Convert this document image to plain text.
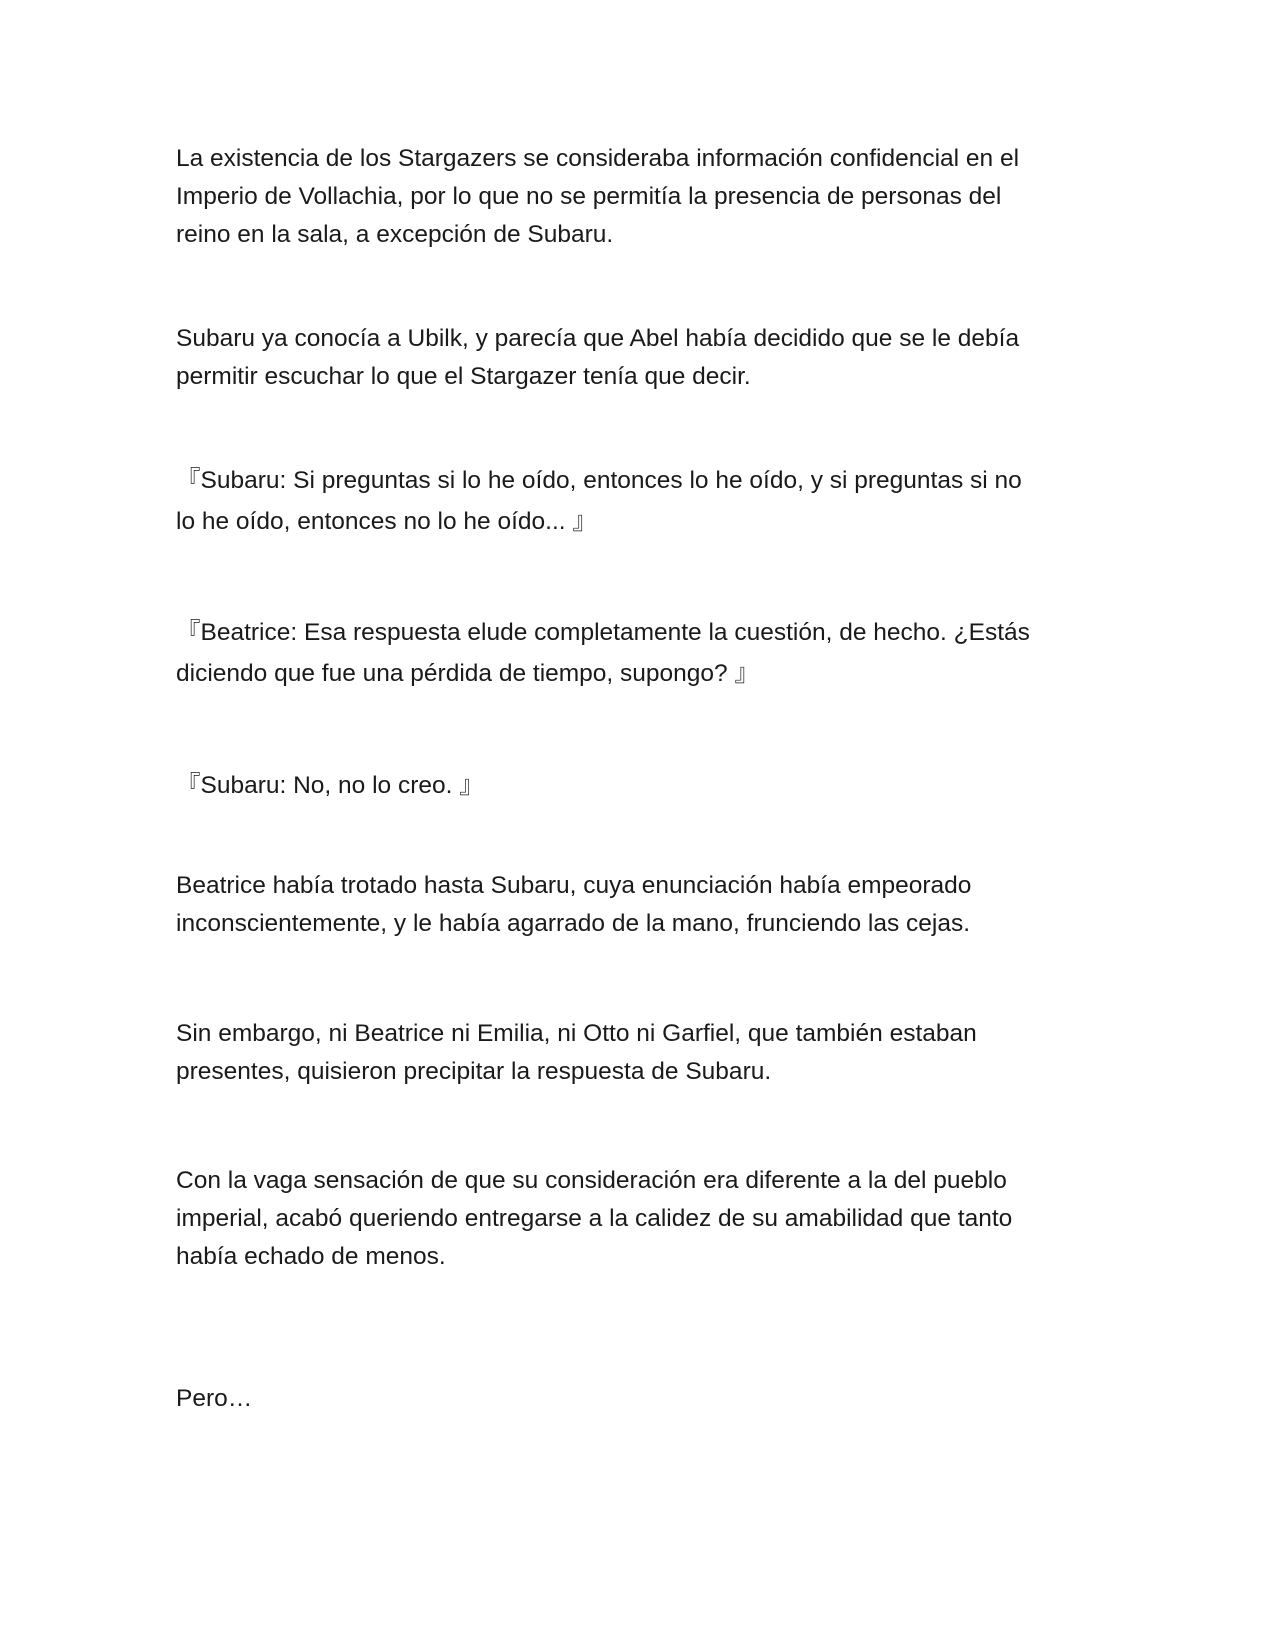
La existencia de los Stargazers se consideraba información confidencial en el
Imperio de Vollachia, por lo que no se permitía la presencia de personas del
reino en la sala, a excepción de Subaru.

Subaru ya conocía a Ubilk, y parecía que Abel había decidido que se le debía
permitir escuchar lo que el Stargazer tenía que decir.

『Subaru: Si preguntas si lo he oído, entonces lo he oído, y si preguntas si no
lo he oído, entonces no lo he oído... 』

『Beatrice: Esa respuesta elude completamente la cuestión, de hecho. ¿Estás
diciendo que fue una pérdida de tiempo, supongo? 』

『Subaru: No, no lo creo. 』

Beatrice había trotado hasta Subaru, cuya enunciación había empeorado
inconscientemente, y le había agarrado de la mano, frunciendo las cejas.

Sin embargo, ni Beatrice ni Emilia, ni Otto ni Garfiel, que también estaban
presentes, quisieron precipitar la respuesta de Subaru.

Con la vaga sensación de que su consideración era diferente a la del pueblo
imperial, acabó queriendo entregarse a la calidez de su amabilidad que tanto
había echado de menos.

Pero…
